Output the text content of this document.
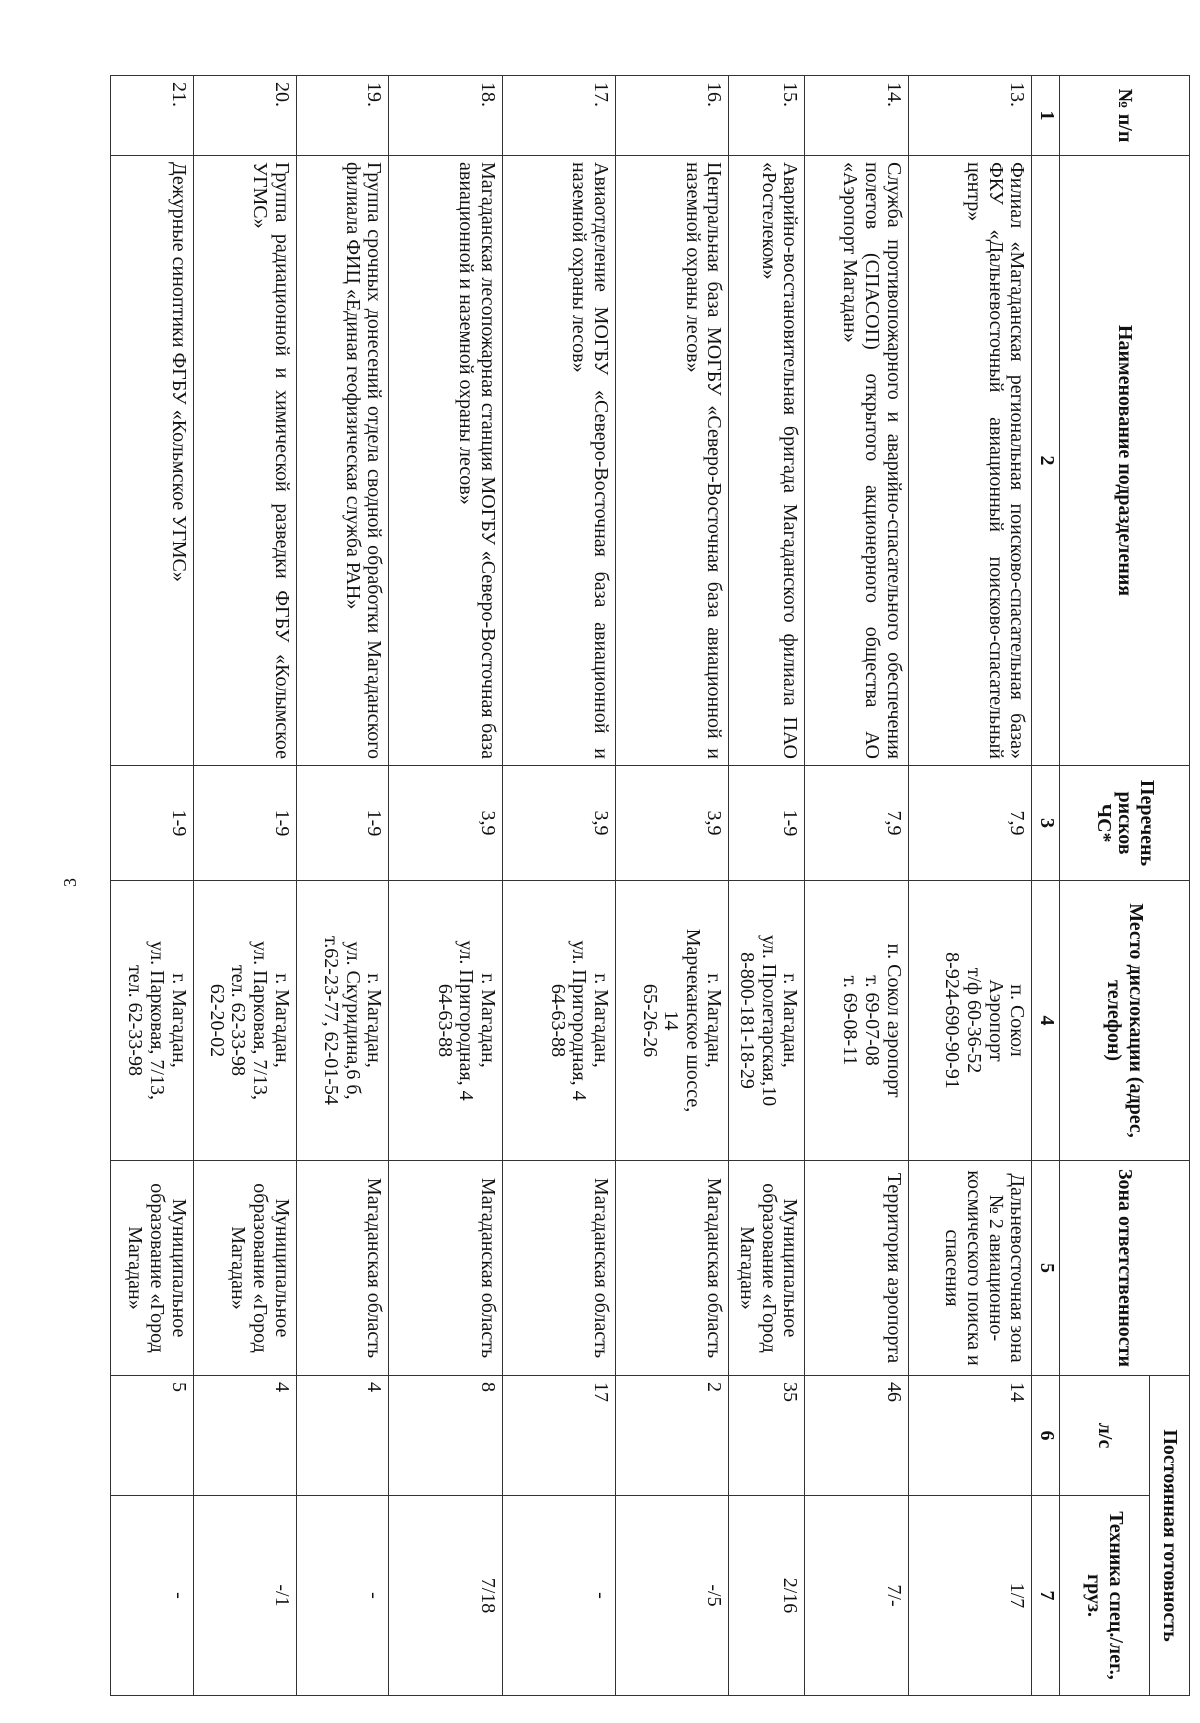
3
№ п/п	Наименование подразделения	Перечень рисков ЧС*	Место дислокации (адрес, телефон)	Зона ответственности	Постоянная готовность	
					л/с	Техника спец./лег., груз.
1	2	3	4	5	6	7
13.	Филиал «Магаданская региональная поисково-спасательная база» ФКУ «Дальневосточный авиационный поисково-спасательный центр»	7,9	п. Сокол
Аэропорт
т/ф 60-36-52
8-924-690-90-91	Дальневосточная зона № 2 авиационно-космического поиска и спасения	14	1/7
14.	Служба противопожарного и аварийно-спасательного обеспечения полетов (СПАСОП) открытого акционерного общества АО «Аэропорт Магадан»	7,9	п. Сокол аэропорт
т. 69-07-08
т. 69-08-11	Территория аэропорта	46	7/-
15.	Аварийно-восстановительная бригада Магаданского филиала ПАО «Ростелеком»	1-9	г. Магадан,
ул. Пролетарская,10
8-800-181-18-29	Муниципальное образование «Город Магадан»	35	2/16
16.	Центральная база МОГБУ «Северо-Восточная база авиационной и наземной охраны лесов»	3,9	г. Магадан,
Марчеканское шоссе,
14
65-26-26	Магаданская область	2	-/5
17.	Авиаотделение МОГБУ «Северо-Восточная база авиационной и наземной охраны лесов»	3,9	г. Магадан,
ул. Пригородная, 4
64-63-88	Магаданская область	17	-
18.	Магаданская лесопожарная станция МОГБУ «Северо-Восточная база авиационной и наземной охраны лесов»	3,9	г. Магадан,
ул. Пригородная, 4
64-63-88	Магаданская область	8	7/18
19.	Группа срочных донесений отдела сводной обработки Магаданского филиала ФИЦ «Единая геофизическая служба РАН»	1-9	г. Магадан,
ул. Скуридина,6 б,
т.62-23-77, 62-01-54	Магаданская область	4	-
20.	Группа радиационной и химической разведки ФГБУ «Колымское УГМС»	1-9	г. Магадан,
ул. Парковая, 7/13,
тел. 62-33-98
62-20-02	Муниципальное образование «Город Магадан»	4	-/1
21.	Дежурные синоптики ФГБУ «Кольмское УГМС»	1-9	г. Магадан,
ул. Парковая, 7/13,
тел. 62-33-98	Муниципальное образование «Город Магадан»	5	-
